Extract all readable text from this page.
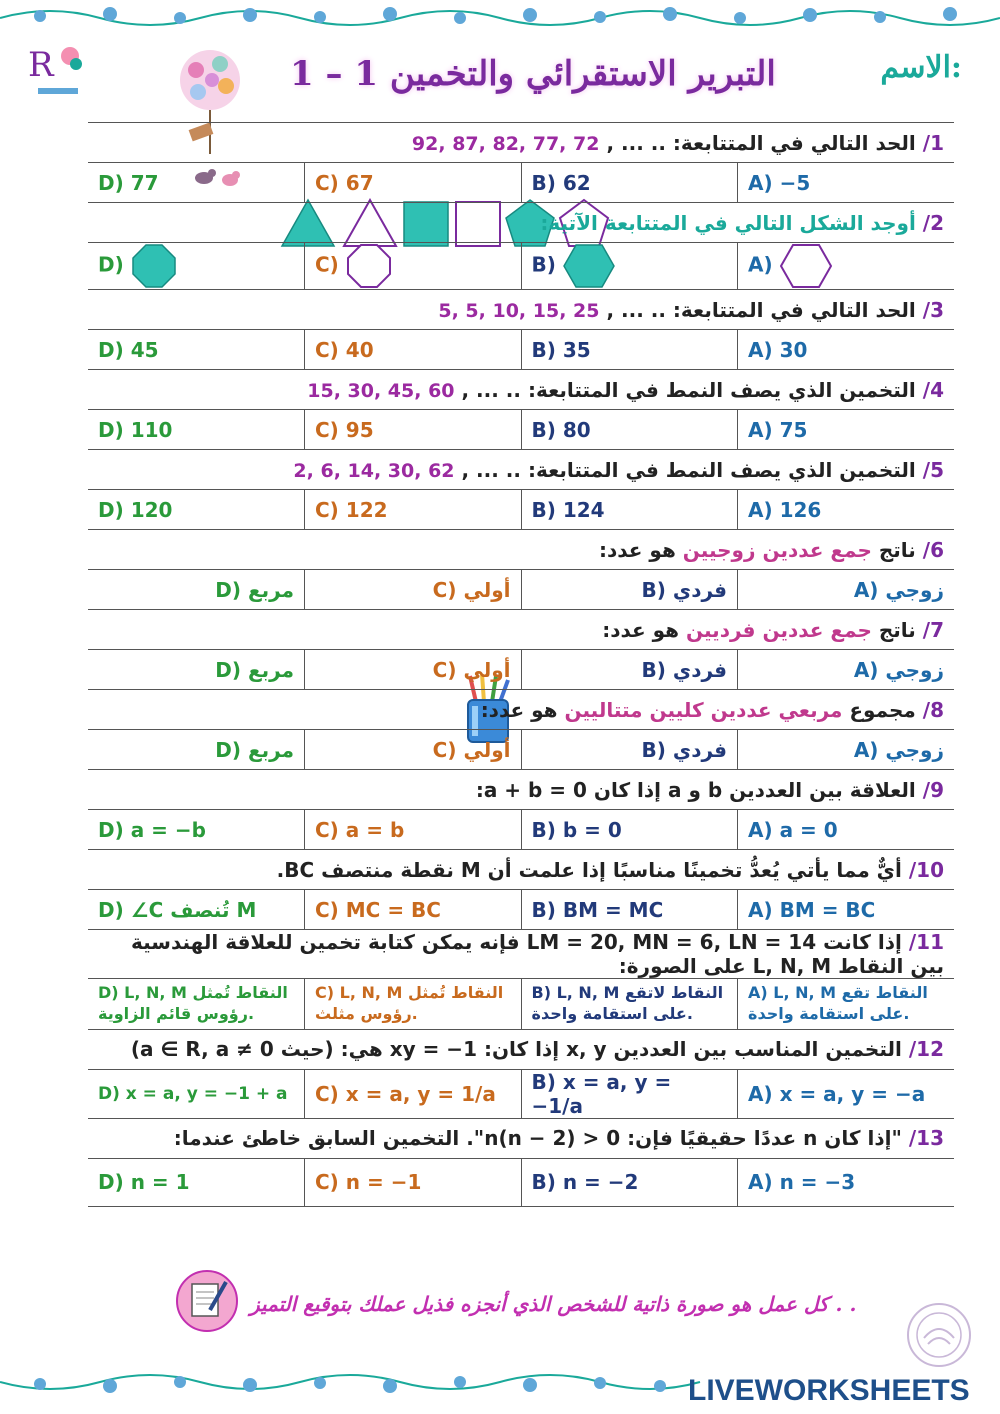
R	1 – 1 التبرير الاستقرائي والتخمين	الاسم:
1/ الحد التالي في المتتابعة: .. ... , 92, 87, 82, 77, 72			
A) −5	B) 62	C) 67	D) 77
2/ أوجد الشكل التالي في المتتابعة الآتية:			
A)	B)	C)	D)
3/ الحد التالي في المتتابعة: .. ... , 5, 5, 10, 15, 25			
A) 30	B) 35	C) 40	D) 45
4/ التخمين الذي يصف النمط في المتتابعة: .. ... , 15, 30, 45, 60			
A) 75	B) 80	C) 95	D) 110
5/ التخمين الذي يصف النمط في المتتابعة: .. ... , 2, 6, 14, 30, 62			
A) 126	B) 124	C) 122	D) 120
6/ ناتج جمع عددين زوجيين هو عدد:			
زوجي (A	فردي (B	أولي (C	مربع (D
7/ ناتج جمع عددين فرديين هو عدد:			
زوجي (A	فردي (B	أولي (C	مربع (D
8/ مجموع مربعي عددين كليين متتاليين هو عدد:			
زوجي (A	فردي (B	أولي (C	مربع (D
9/ العلاقة بين العددين b و a إذا كان a + b = 0:			
A) a = 0	B) b = 0	C) a = b	D) a = −b
10/ أيٌّ مما يأتي يُعدُّ تخمينًا مناسبًا إذا علمت أن M نقطة منتصف BC.			
A) BM = BC	B) BM = MC	C) MC = BC	D) ∠C تُنصف M
11/ إذا كانت LM = 20, MN = 6, LN = 14 فإنه يمكن كتابة تخمين للعلاقة الهندسية بين النقاط L, N, M على الصورة:			
A) L, N, M النقاط تقع على استقامة واحدة.	B) L, N, M النقاط لاتقع على استقامة واحدة.	C) L, N, M النقاط تُمثل رؤوس مثلث.	D) L, N, M النقاط تُمثل رؤوس قائم الزاوية.
12/ التخمين المناسب بين العددين x, y إذا كان: xy = −1 هي: (حيث a ∈ R, a ≠ 0)			
A) x = a, y = −a	B) x = a, y = −1/a	C) x = a, y = 1/a	D) x = a, y = −1 + a
13/ "إذا كان n عددًا حقيقيًا فإن: n(n − 2) > 0". التخمين السابق خاطئ عندما:			
A) n = −3	B) n = −2	C) n = −1	D) n = 1
كل عمل هو صورة ذاتية للشخص الذي أنجزه فذيل عملك بتوقيع التميز . .
LIVEWORKSHEETS
